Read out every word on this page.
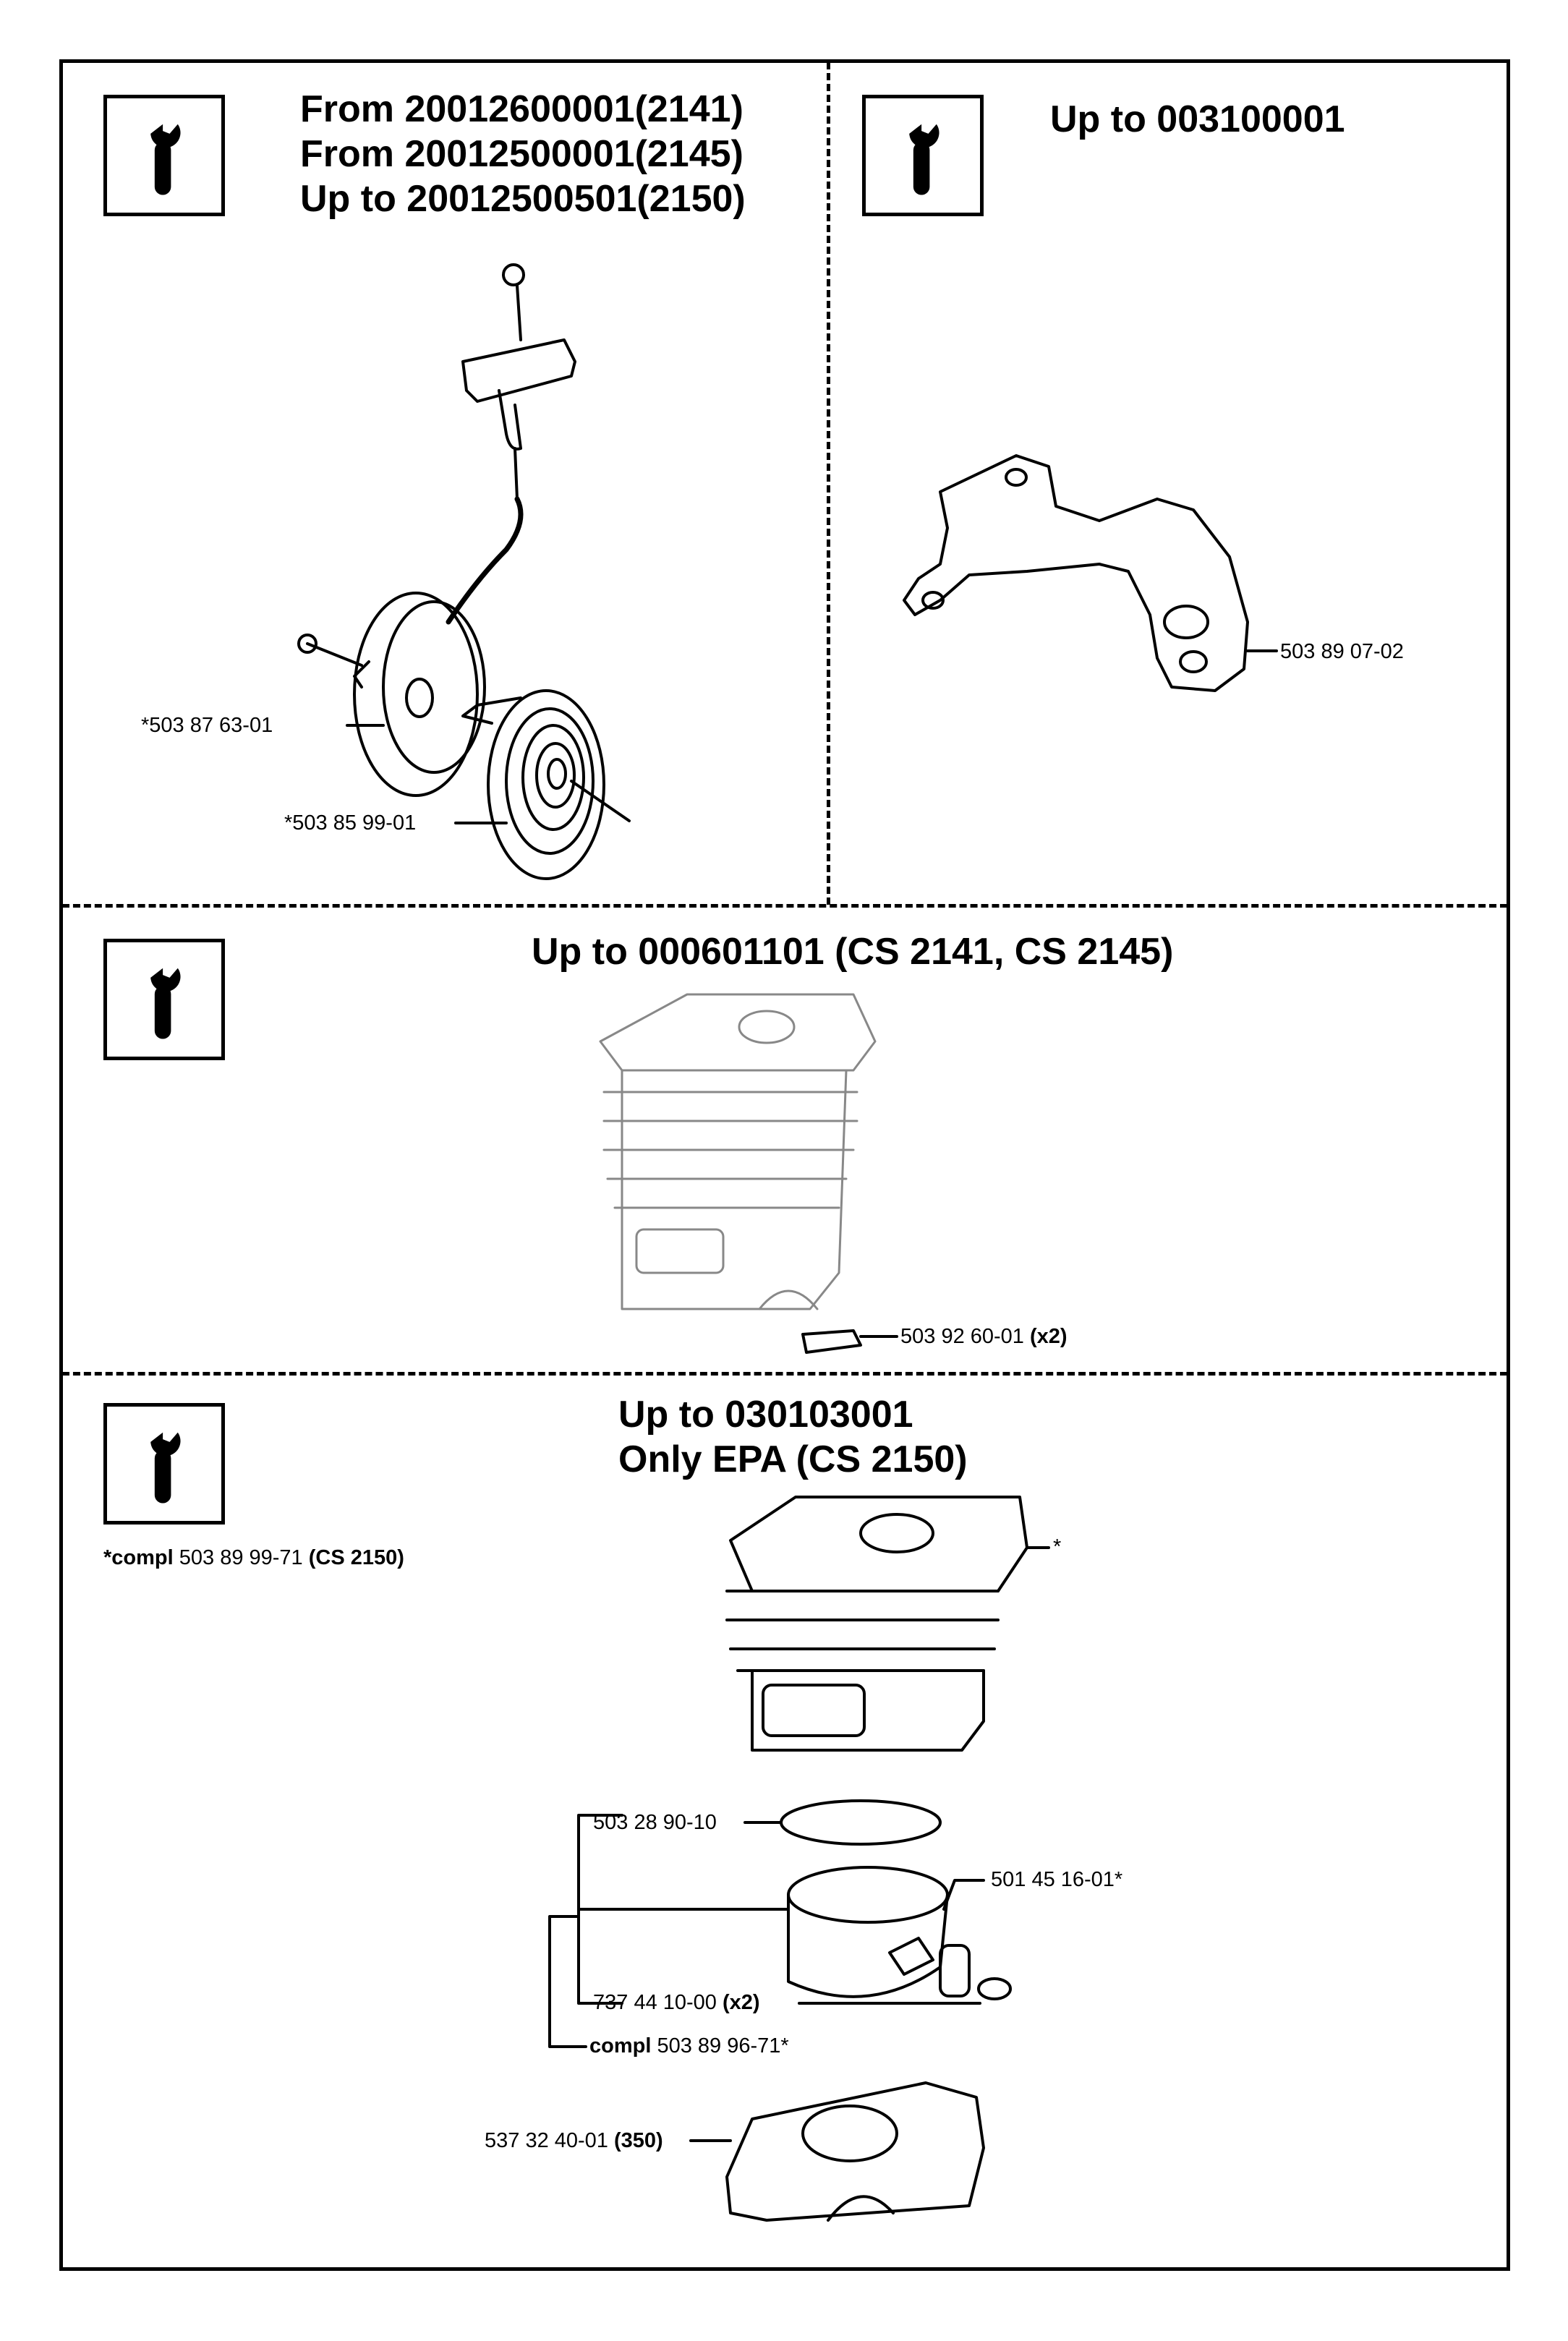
From 20012600001(2141)
From 20012500001(2145)
Up to 20012500501(2150)
Up to 003100001
Up to 000601101 (CS 2141, CS 2145)
Up to 030103001
Only EPA (CS 2150)
*503 87 63-01
*503 85 99-01
503 89 07-02
503 92 60-01 (x2)
*compl 503 89 99-71 (CS 2150)	*
503 28 90-10
501 45 16-01*
737 44 10-00 (x2)
compl 503 89 96-71*
537 32 40-01 (350)
